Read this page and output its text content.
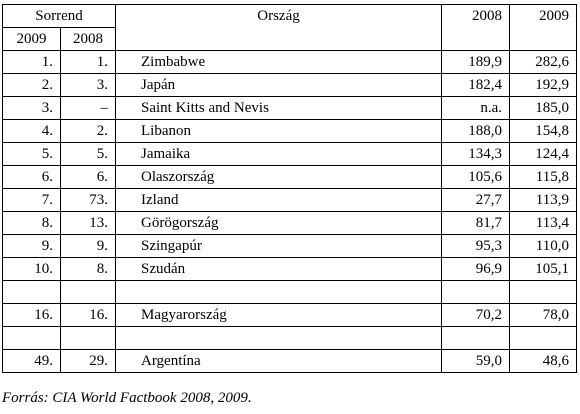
Sorrend		Ország	2008	2009
2009	2008			
1.	1.	Zimbabwe	189,9	282,6
2.	3.	Japán	182,4	192,9
3.	–	Saint Kitts and Nevis	n.a.	185,0
4.	2.	Libanon	188,0	154,8
5.	5.	Jamaika	134,3	124,4
6.	6.	Olaszország	105,6	115,8
7.	73.	Izland	27,7	113,9
8.	13.	Görögország	81,7	113,4
9.	9.	Szingapúr	95,3	110,0
10.	8.	Szudán	96,9	105,1

16.	16.	Magyarország	70,2	78,0

49.	29.	Argentína	59,0	48,6
Forrás: CIA World Factbook 2008, 2009.
